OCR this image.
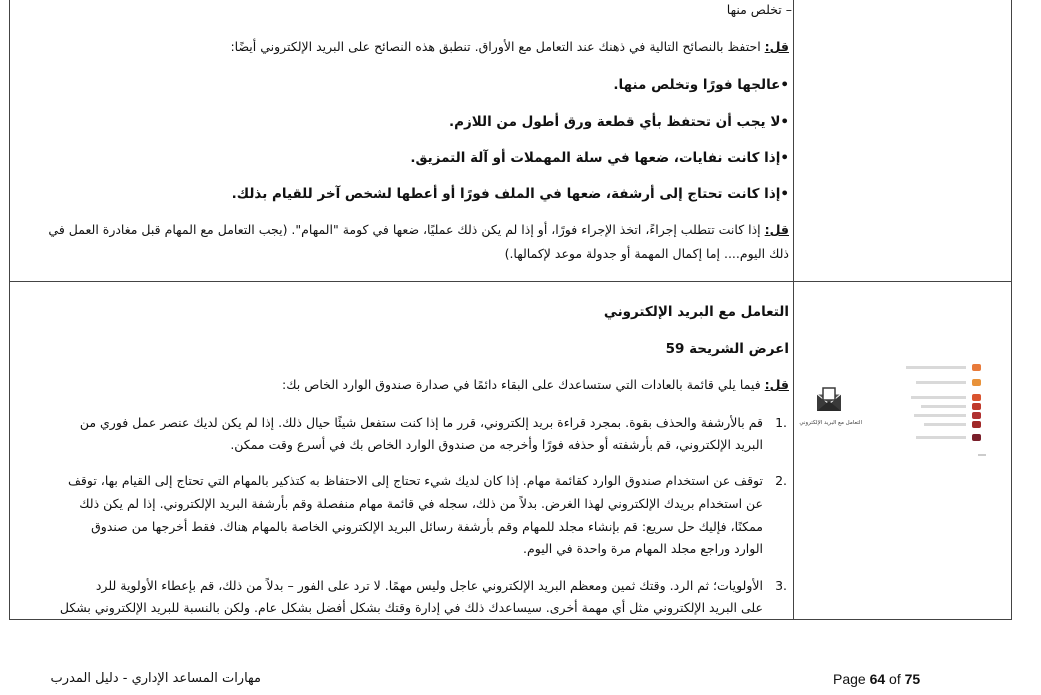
– تخلص منها
قل: احتفظ بالنصائح التالية في ذهنك عند التعامل مع الأوراق. تنطبق هذه النصائح على البريد الإلكتروني أيضًا:
•عالجها فورًا وتخلص منها.
•لا يجب أن تحتفظ بأي قطعة ورق أطول من اللازم.
•إذا كانت نفايات، ضعها في سلة المهملات أو آلة التمزيق.
•إذا كانت تحتاج إلى أرشفة، ضعها في الملف فورًا أو أعطها لشخص آخر للقيام بذلك.
قل: إذا كانت تتطلب إجراءً، اتخذ الإجراء فورًا، أو إذا لم يكن ذلك عمليًا، ضعها في كومة "المهام". (يجب التعامل مع المهام قبل مغادرة العمل في
ذلك اليوم.... إما إكمال المهمة أو جدولة موعد لإكمالها.)
التعامل مع البريد الإلكتروني
اعرض الشريحة 59
قل: فيما يلي قائمة بالعادات التي ستساعدك على البقاء دائمًا في صدارة صندوق الوارد الخاص بك:
1.
قم بالأرشفة والحذف بقوة. بمجرد قراءة بريد إلكتروني، قرر ما إذا كنت ستفعل شيئًا حيال ذلك. إذا لم يكن لديك عنصر عمل فوري من
البريد الإلكتروني، قم بأرشفته أو حذفه فورًا وأخرجه من صندوق الوارد الخاص بك في أسرع وقت ممكن.
2.
توقف عن استخدام صندوق الوارد كقائمة مهام. إذا كان لديك شيء تحتاج إلى الاحتفاظ به كتذكير بالمهام التي تحتاج إلى القيام بها، توقف
عن استخدام بريدك الإلكتروني لهذا الغرض. بدلاً من ذلك، سجله في قائمة مهام منفصلة وقم بأرشفة البريد الإلكتروني. إذا لم يكن ذلك
ممكنًا، فإليك حل سريع: قم بإنشاء مجلد للمهام وقم بأرشفة رسائل البريد الإلكتروني الخاصة بالمهام هناك. فقط أخرجها من صندوق
الوارد وراجع مجلد المهام مرة واحدة في اليوم.
3.
الأولويات؛ ثم الرد. وقتك ثمين ومعظم البريد الإلكتروني عاجل وليس مهمًا. لا ترد على الفور – بدلاً من ذلك، قم بإعطاء الأولوية للرد
على البريد الإلكتروني مثل أي مهمة أخرى. سيساعدك ذلك في إدارة وقتك بشكل أفضل بشكل عام. ولكن بالنسبة للبريد الإلكتروني بشكل
التعامل مع البريد الإلكتروني
Page 64 of 75
مهارات المساعد الإداري - دليل المدرب
